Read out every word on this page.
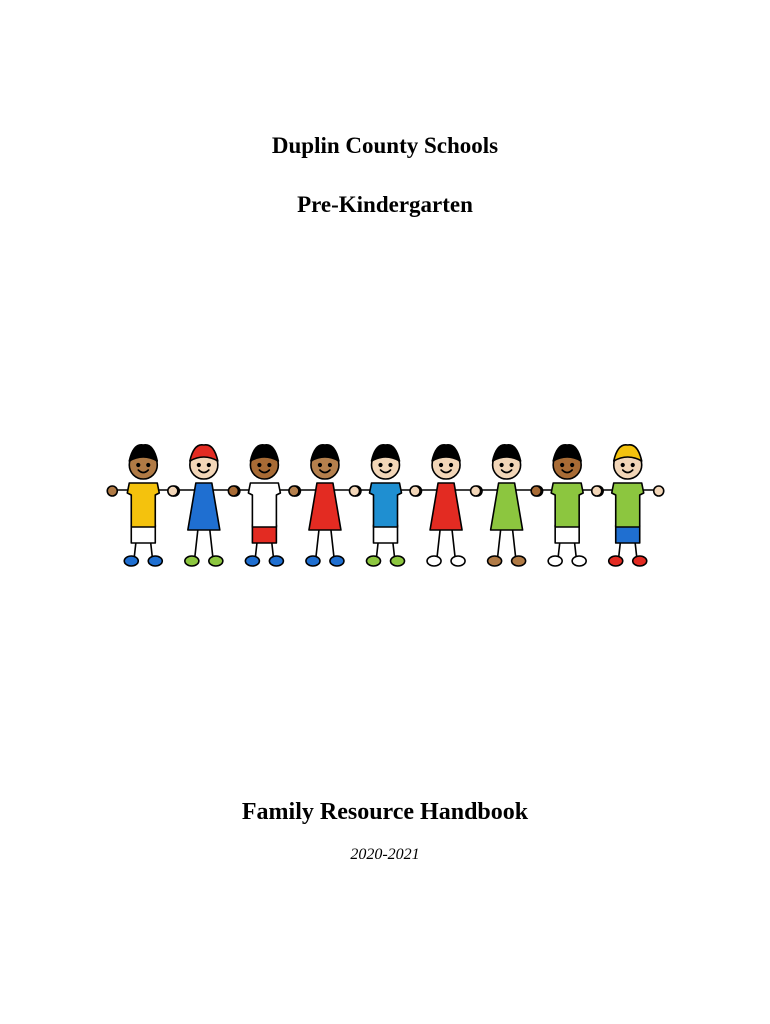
Duplin County Schools
Pre-Kindergarten
Family Resource Handbook
2020-2021
